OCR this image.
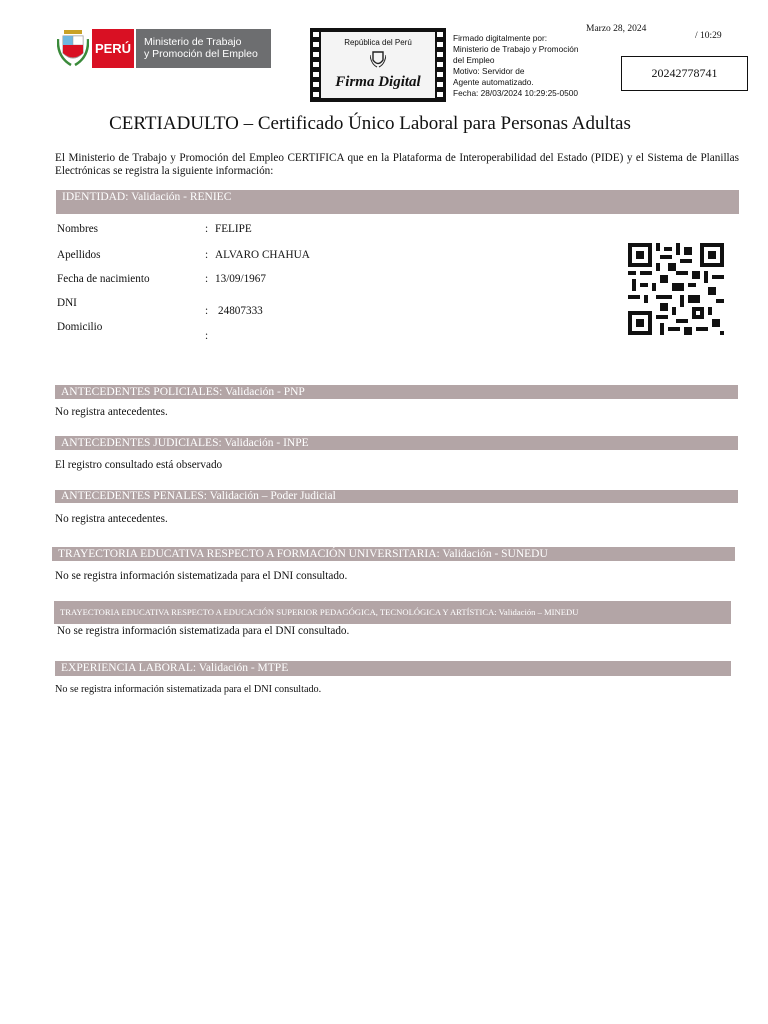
PERÚ	Ministerio de Trabajo
y Promoción del Empleo
República del Perú
Firma Digital
Firmado digitalmente por:
Ministerio de Trabajo y Promoción
del Empleo
Motivo: Servidor de
Agente automatizado.
Fecha: 28/03/2024 10:29:25-0500
Marzo 28, 2024
/ 10:29
20242778741
CERTIADULTO – Certificado Único Laboral para Personas Adultas
El Ministerio de Trabajo y Promoción del Empleo CERTIFICA que en la Plataforma de Interoperabilidad del Estado (PIDE) y el Sistema de Planillas Electrónicas se registra la siguiente información:
IDENTIDAD: Validación - RENIEC
Nombres	: FELIPE
Apellidos	: ALVARO CHAHUA
Fecha de nacimiento	: 13/09/1967
DNI
: 24807333
Domicilio
:
ANTECEDENTES POLICIALES: Validación - PNP
No registra antecedentes.
ANTECEDENTES JUDICIALES: Validación - INPE
El registro consultado está observado
ANTECEDENTES PENALES: Validación – Poder Judicial
No registra antecedentes.
TRAYECTORIA EDUCATIVA RESPECTO A FORMACIÓN UNIVERSITARIA: Validación - SUNEDU
No se registra información sistematizada para el DNI consultado.
TRAYECTORIA EDUCATIVA RESPECTO A EDUCACIÓN SUPERIOR PEDAGÓGICA, TECNOLÓGICA Y ARTÍSTICA: Validación – MINEDU
No se registra información sistematizada para el DNI consultado.
EXPERIENCIA LABORAL: Validación - MTPE
No se registra información sistematizada para el DNI consultado.
